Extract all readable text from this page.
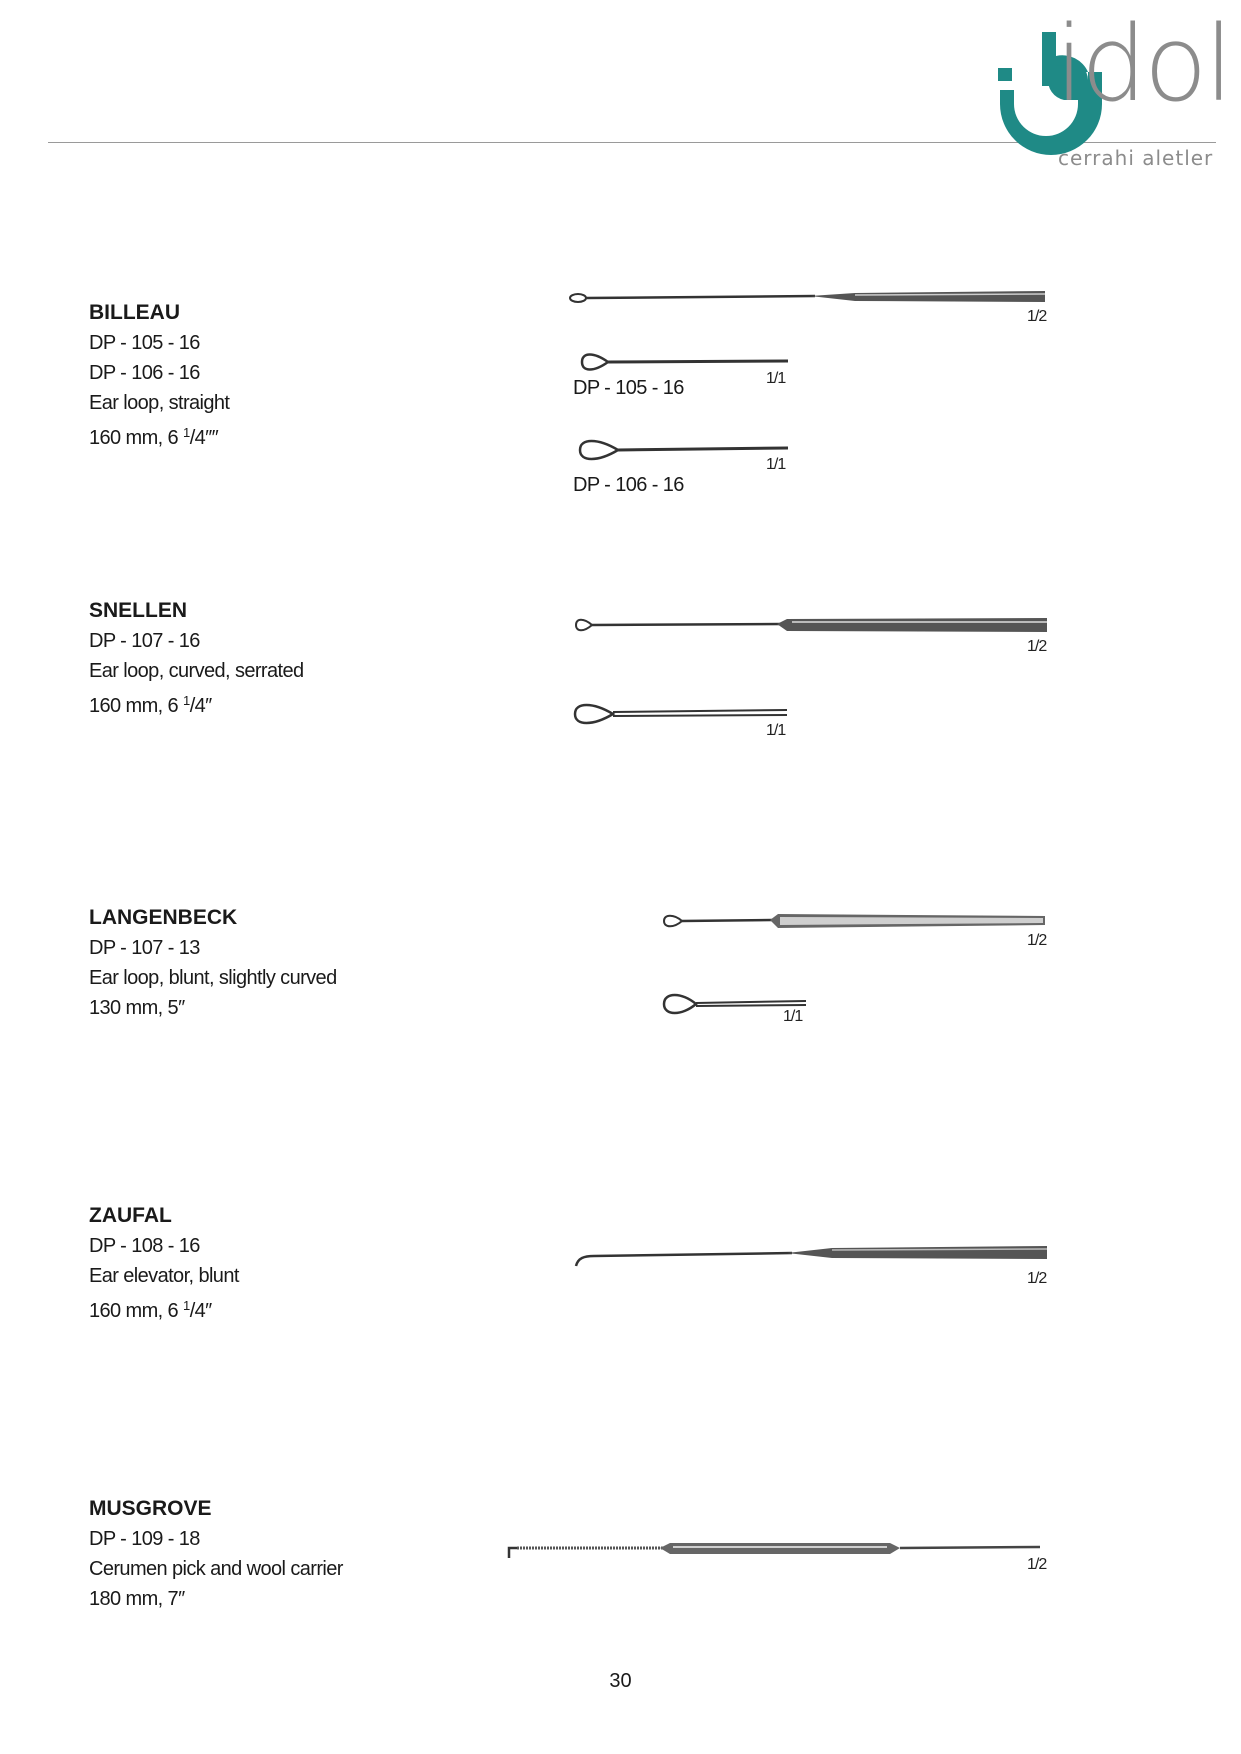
idol
cerrahi aletler

BILLEAU

DP - 105 - 16

DP - 106 - 16

Ear loop, straight

160 mm, 6 $^1$/4″″

1/2
1/1
DP - 105 - 16
1/1
DP - 106 - 16

SNELLEN

DP - 107 - 16

Ear loop, curved, serrated

160 mm, 6 $^1$/4″

1/2
1/1

LANGENBECK

DP - 107 - 13

Ear loop, blunt, slightly curved

130 mm, 5″

1/2
1/1

ZAUFAL

DP - 108 - 16

Ear elevator, blunt

160 mm, 6 $^1$/4″

1/2

MUSGROVE

DP - 109 - 18

Cerumen pick and wool carrier

180 mm, 7″

1/2
30
